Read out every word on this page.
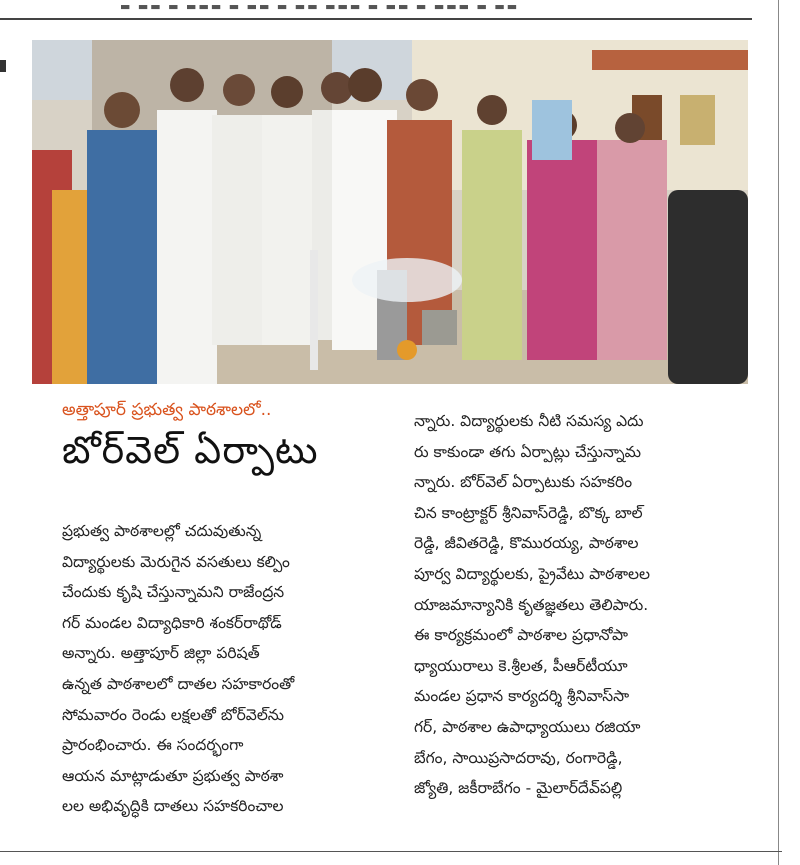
▬ ▬▬ ▬ ▬▬▬ ▬ ▬▬ ▬ ▬▬ ▬▬▬ ▬ ▬▬ ▬ ▬▬▬ ▬ ▬▬
అత్తాపూర్ ప్రభుత్వ పాఠశాలలో..
బోర్‌వెల్ ఏర్పాటు
ప్రభుత్వ పాఠశాలల్లో చదువుతున్న
విద్యార్థులకు మెరుగైన వసతులు కల్పిం
చేందుకు కృషి చేస్తున్నామని రాజేంద్రన
గర్ మండల విద్యాధికారి శంకర్‌రాథోడ్
అన్నారు. అత్తాపూర్ జిల్లా పరిషత్
ఉన్నత పాఠశాలలో దాతల సహకారంతో
సోమవారం రెండు లక్షలతో బోర్‌వెల్‌ను
ప్రారంభించారు. ఈ సందర్భంగా
ఆయన మాట్లాడుతూ ప్రభుత్వ పాఠశా
లల అభివృద్ధికి దాతలు సహకరించాల
న్నారు. విద్యార్థులకు నీటి సమస్య ఎదు
రు కాకుండా తగు ఏర్పాట్లు చేస్తున్నామ
న్నారు. బోర్‌వెల్ ఏర్పాటుకు సహకరిం
చిన కాంట్రాక్టర్ శ్రీనివాస్‌రెడ్డి, బొక్క బాల్
రెడ్డి, జీవితరెడ్డి, కొమురయ్య, పాఠశాల
పూర్వ విద్యార్థులకు, ప్రైవేటు పాఠశాలల
యాజమాన్యానికి కృతజ్ఞతలు తెలిపారు.
ఈ కార్యక్రమంలో పాఠశాల ప్రధానోపా
ధ్యాయురాలు కె.శ్రీలత, పీఆర్‌టీయూ
మండల ప్రధాన కార్యదర్శి శ్రీనివాస్‌సా
గర్, పాఠశాల ఉపాధ్యాయులు రజియా
బేగం, సాయిప్రసాదరావు, రంగారెడ్డి,
జ్యోతి, జకీరాబేగం - మైలార్‌దేవ్‌పల్లి
